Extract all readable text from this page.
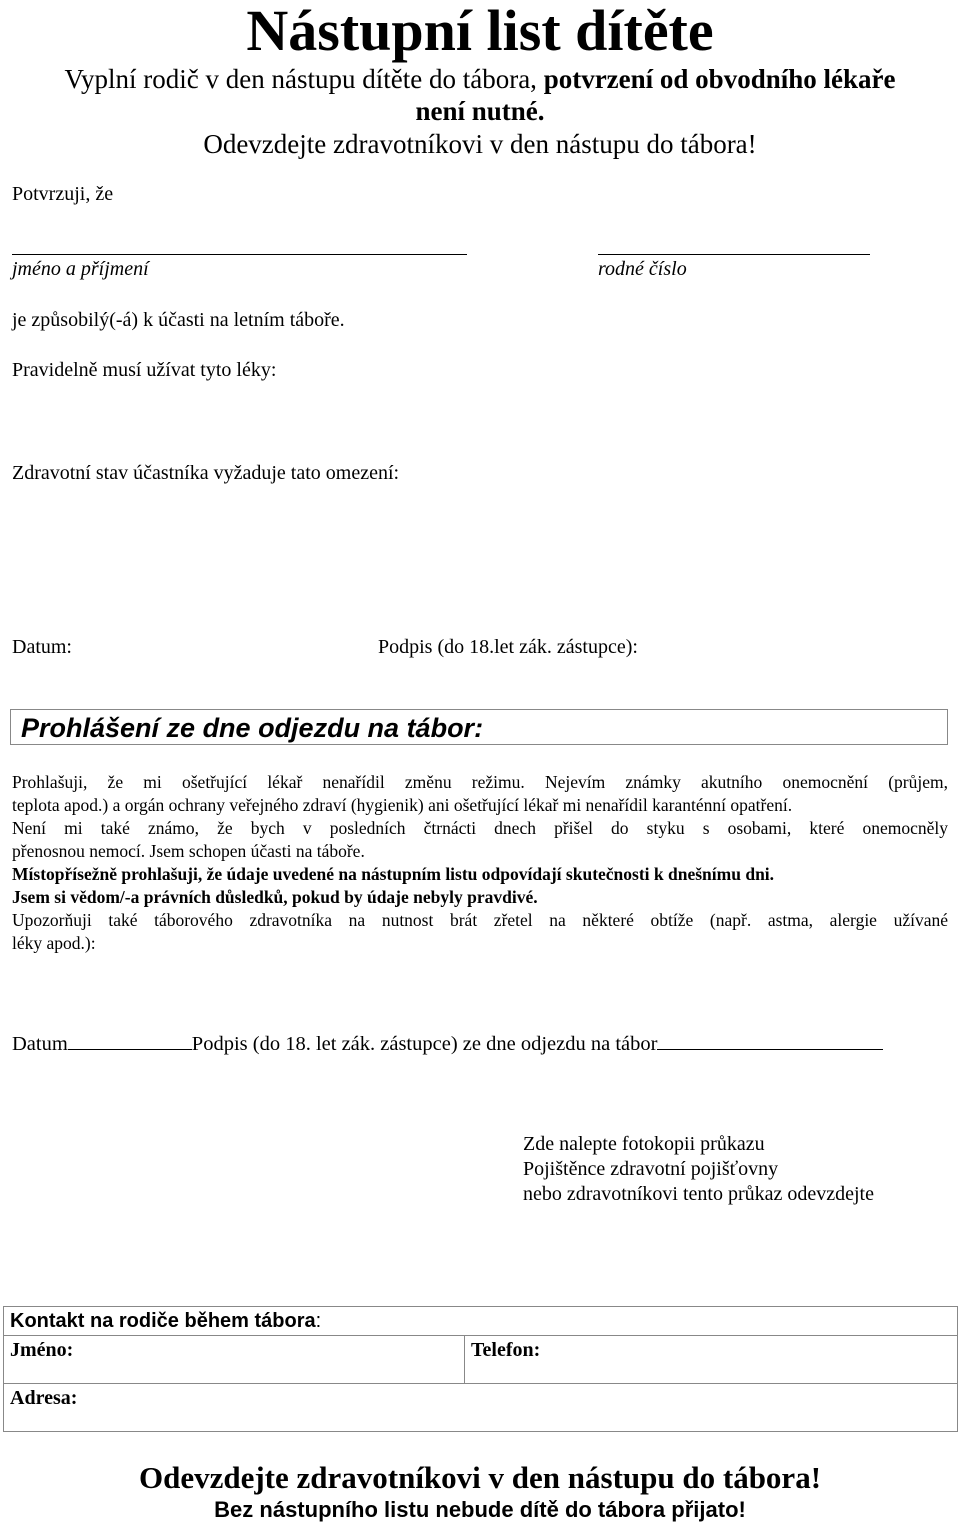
Nástupní list dítěte
Vyplní rodič v den nástupu dítěte do tábora, potvrzení od obvodního lékaře
není nutné.
Odevzdejte zdravotníkovi v den nástupu do tábora!
Potvrzuji, že
jméno a příjmení	rodné číslo
je způsobilý(-á) k účasti na letním táboře.
Pravidelně musí užívat tyto léky:
Zdravotní stav účastníka vyžaduje tato omezení:
Datum:	Podpis (do 18.let zák. zástupce):
Prohlášení ze dne odjezdu na tábor:

Prohlašuji, že mi ošetřující lékař nenařídil změnu režimu. Nejevím známky akutního onemocnění (průjem,

teplota apod.) a orgán ochrany veřejného zdraví (hygienik) ani ošetřující lékař mi nenařídil karanténní opatření.

Není mi také známo, že bych v posledních čtrnácti dnech přišel do styku s osobami, které onemocněly

přenosnou nemocí. Jsem schopen účasti na táboře.

Místopřísežně prohlašuji, že údaje uvedené na nástupním listu odpovídají skutečnosti k dnešnímu dni.

Jsem si vědom/-a právních důsledků, pokud by údaje nebyly pravdivé.

Upozorňuji také táborového zdravotníka na nutnost brát zřetel na některé obtíže (např. astma, alergie užívané

léky apod.):

Datum	Podpis (do 18. let zák. zástupce) ze dne odjezdu na tábor
Zde nalepte fotokopii průkazu
Pojištěnce zdravotní pojišťovny
nebo zdravotníkovi tento průkaz odevzdejte
Kontakt na rodiče během tábora:
Jméno:	Telefon:
Adresa:
Odevzdejte zdravotníkovi v den nástupu do tábora!
Bez nástupního listu nebude dítě do tábora přijato!
